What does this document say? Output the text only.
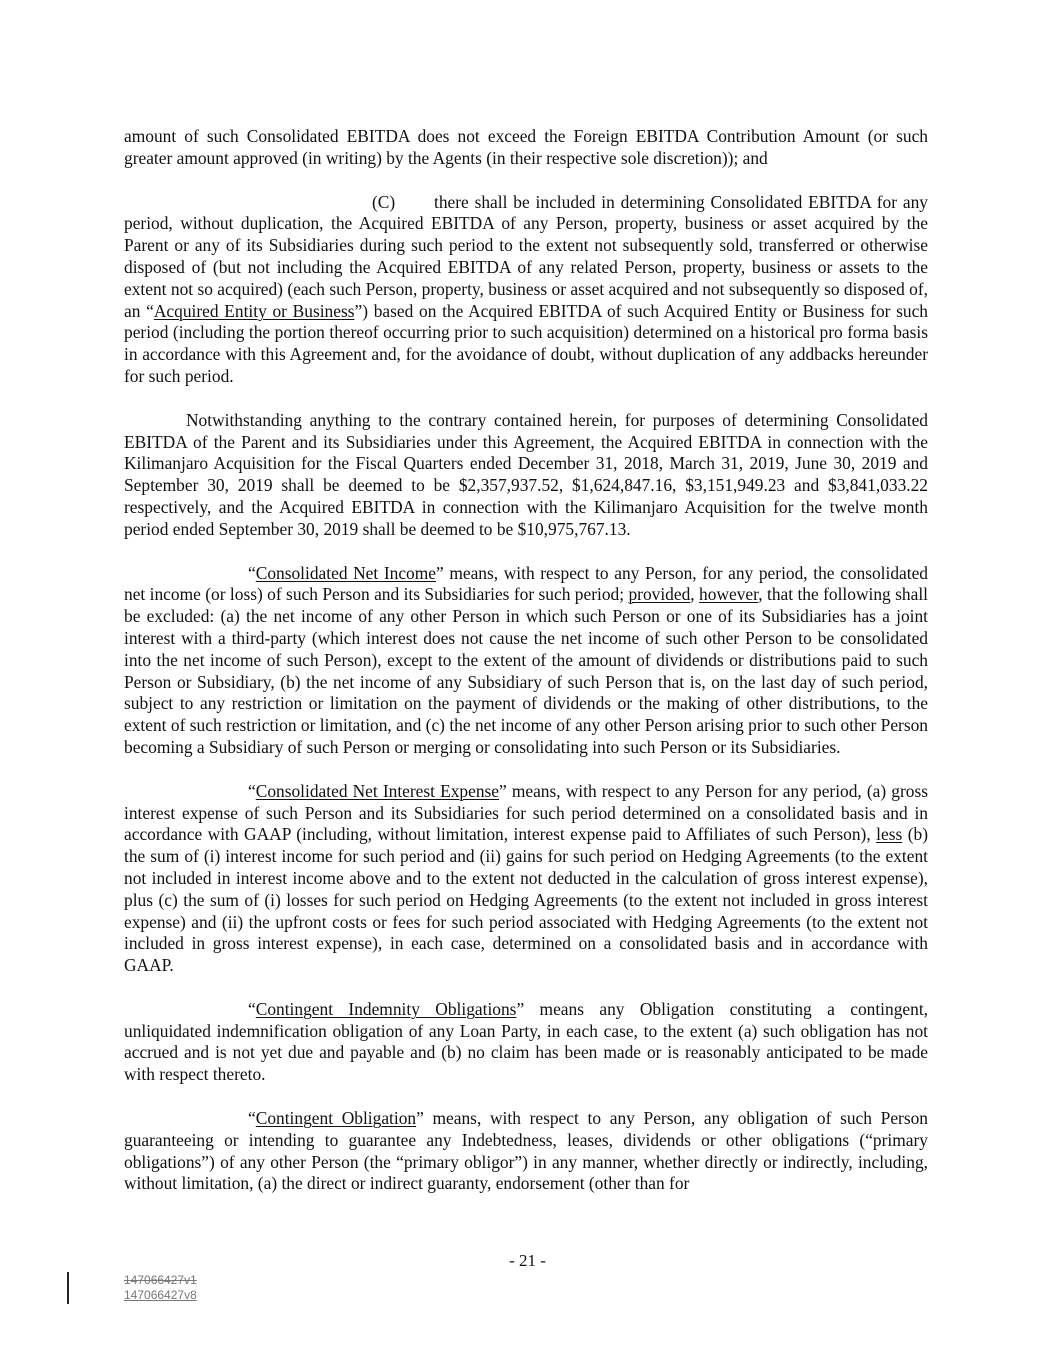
amount of such Consolidated EBITDA does not exceed the Foreign EBITDA Contribution Amount (or such greater amount approved (in writing) by the Agents (in their respective sole discretion)); and

(C) there shall be included in determining Consolidated EBITDA for any period, without duplication, the Acquired EBITDA of any Person, property, business or asset acquired by the Parent or any of its Subsidiaries during such period to the extent not subsequently sold, transferred or otherwise disposed of (but not including the Acquired EBITDA of any related Person, property, business or assets to the extent not so acquired) (each such Person, property, business or asset acquired and not subsequently so disposed of, an “Acquired Entity or Business”) based on the Acquired EBITDA of such Acquired Entity or Business for such period (including the portion thereof occurring prior to such acquisition) determined on a historical pro forma basis in accordance with this Agreement and, for the avoidance of doubt, without duplication of any addbacks hereunder for such period.

Notwithstanding anything to the contrary contained herein, for purposes of determining Consolidated EBITDA of the Parent and its Subsidiaries under this Agreement, the Acquired EBITDA in connection with the Kilimanjaro Acquisition for the Fiscal Quarters ended December 31, 2018, March 31, 2019, June 30, 2019 and September 30, 2019 shall be deemed to be $2,357,937.52, $1,624,847.16, $3,151,949.23 and $3,841,033.22 respectively, and the Acquired EBITDA in connection with the Kilimanjaro Acquisition for the twelve month period ended September 30, 2019 shall be deemed to be $10,975,767.13.

“Consolidated Net Income” means, with respect to any Person, for any period, the consolidated net income (or loss) of such Person and its Subsidiaries for such period; provided, however, that the following shall be excluded: (a) the net income of any other Person in which such Person or one of its Subsidiaries has a joint interest with a third-party (which interest does not cause the net income of such other Person to be consolidated into the net income of such Person), except to the extent of the amount of dividends or distributions paid to such Person or Subsidiary, (b) the net income of any Subsidiary of such Person that is, on the last day of such period, subject to any restriction or limitation on the payment of dividends or the making of other distributions, to the extent of such restriction or limitation, and (c) the net income of any other Person arising prior to such other Person becoming a Subsidiary of such Person or merging or consolidating into such Person or its Subsidiaries.

“Consolidated Net Interest Expense” means, with respect to any Person for any period, (a) gross interest expense of such Person and its Subsidiaries for such period determined on a consolidated basis and in accordance with GAAP (including, without limitation, interest expense paid to Affiliates of such Person), less (b) the sum of (i) interest income for such period and (ii) gains for such period on Hedging Agreements (to the extent not included in interest income above and to the extent not deducted in the calculation of gross interest expense), plus (c) the sum of (i) losses for such period on Hedging Agreements (to the extent not included in gross interest expense) and (ii) the upfront costs or fees for such period associated with Hedging Agreements (to the extent not included in gross interest expense), in each case, determined on a consolidated basis and in accordance with GAAP.

“Contingent Indemnity Obligations” means any Obligation constituting a contingent, unliquidated indemnification obligation of any Loan Party, in each case, to the extent (a) such obligation has not accrued and is not yet due and payable and (b) no claim has been made or is reasonably anticipated to be made with respect thereto.

“Contingent Obligation” means, with respect to any Person, any obligation of such Person guaranteeing or intending to guarantee any Indebtedness, leases, dividends or other obligations (“primary obligations”) of any other Person (the “primary obligor”) in any manner, whether directly or indirectly, including, without limitation, (a) the direct or indirect guaranty, endorsement (other than for

- 21 -
147066427v1
147066427v8
